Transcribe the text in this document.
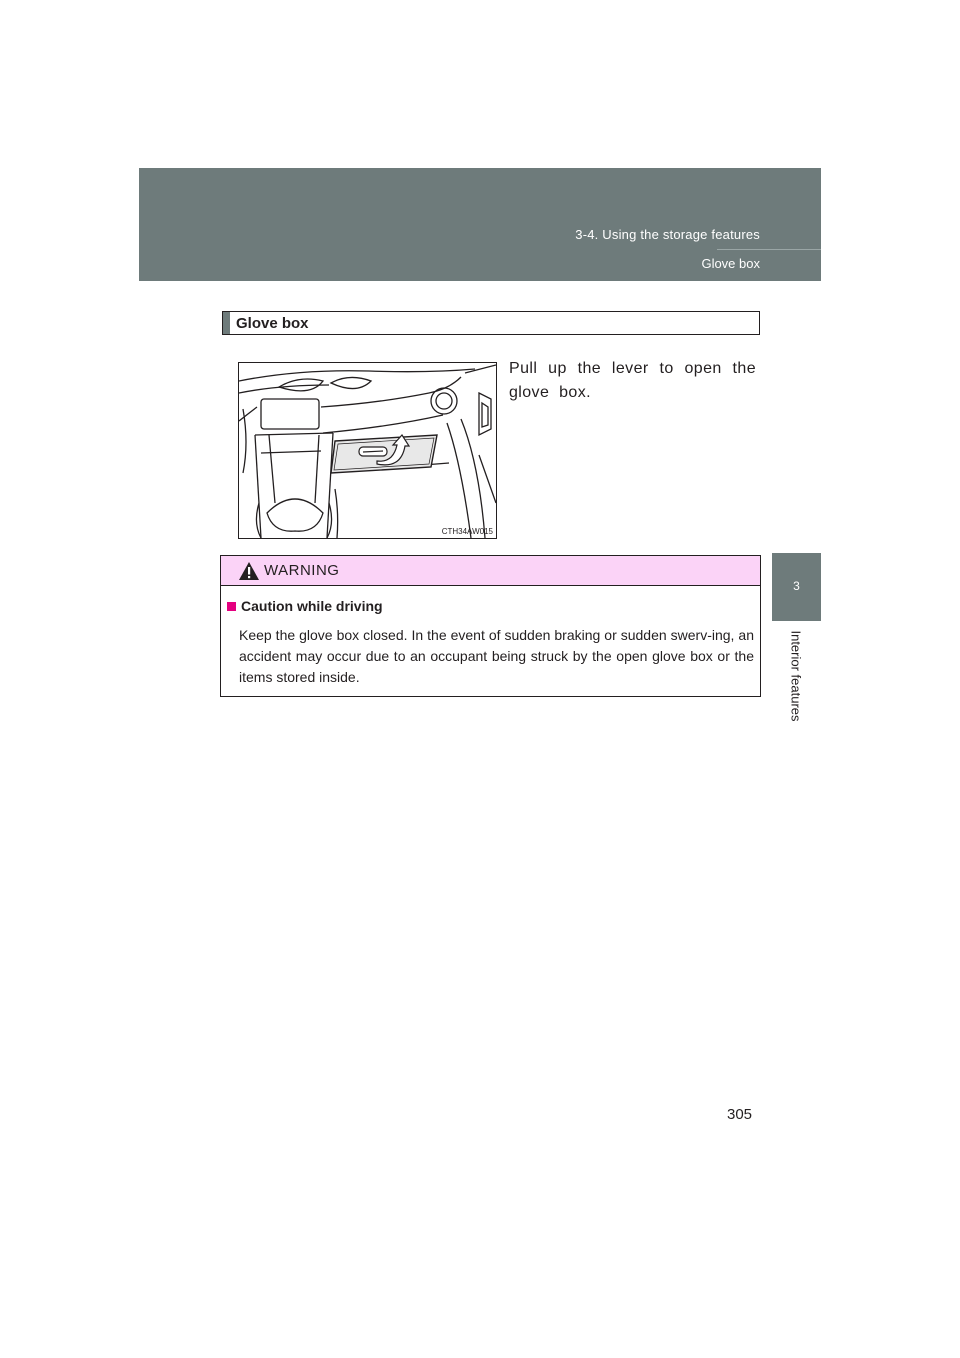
3-4. Using the storage features
Glove box
3
Interior features
Glove box
CTH34AW015
Pull up the lever to open the glove box.
WARNING
Caution while driving
Keep the glove box closed. In the event of sudden braking or sudden swerv-ing, an accident may occur due to an occupant being struck by the open glove box or the items stored inside.
305
